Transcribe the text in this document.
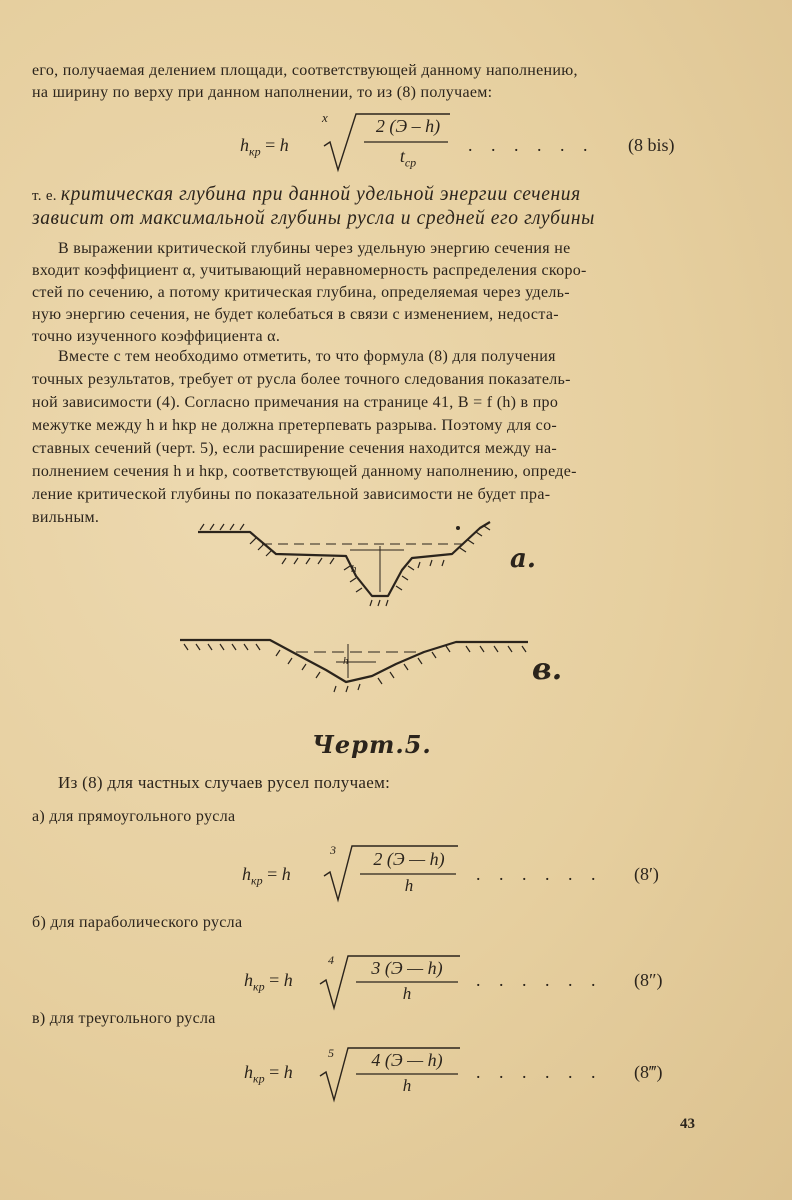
его, получаемая делением площади, соответствующей данному наполнению,
на ширину по верху при данном наполнении, то из (8) получаем:
$h_{кр} = h$
x	2 (Э – h)
$t_{ср}$
. . . . . . (8 bis)
т. е. критическая глубина при данной удельной энергии сечения
зависит от максимальной глубины русла и средней его глубины
В выражении критической глубины через удельную энергию сечения не
входит коэффициент α, учитывающий неравномерность распределения скоро-
стей по сечению, а потому критическая глубина, определяемая через удель-
ную энергию сечения, не будет колебаться в связи с изменением, недоста-
точно изученного коэффициента α.
Вместе с тем необходимо отметить, то что формула (8) для получения
точных результатов, требует от русла более точного следования показатель-
ной зависимости (4). Согласно примечания на странице 41, B = f (h) в про
межутке между h и hкр не должна претерпевать разрыва. Поэтому для со-
ставных сечений (черт. 5), если расширение сечения находится между на-
полнением сечения h и hкр, соответствующей данному наполнению, опреде-
ление критической глубины по показательной зависимости не будет пра-
вильным.
h	a.
h	в.
Черт.5.
Из (8) для частных случаев русел получаем:
а) для прямоугольного русла
$h_{кр} = h$
3	2 (Э — h)
h
. . . . . . (8′)
б) для параболического русла
$h_{кр} = h$
4	3 (Э — h)
h
. . . . . . (8″)
в) для треугольного русла
$h_{кр} = h$
5	4 (Э — h)
h
. . . . . . (8‴)
43
